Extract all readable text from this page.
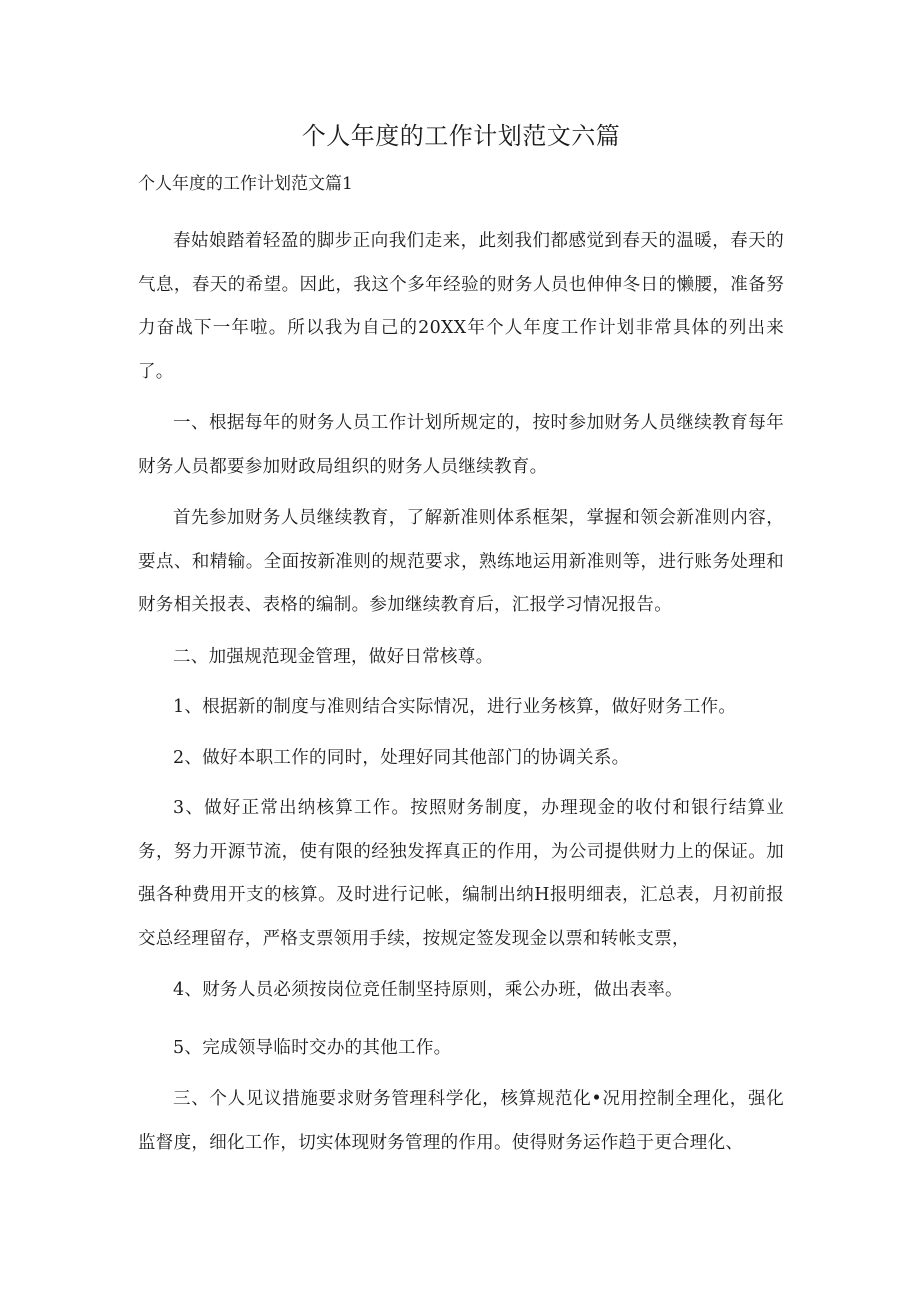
个人年度的工作计划范文六篇
个人年度的工作计划范文篇1

春姑娘踏着轻盈的脚步正向我们走来，此刻我们都感觉到春天的温暖，春天的气息，春天的希望。因此，我这个多年经验的财务人员也伸伸冬日的懒腰，准备努力奋战下一年啦。所以我为自己的20XX年个人年度工作计划非常具体的列出来了。

一、根据每年的财务人员工作计划所规定的，按时参加财务人员继续教育每年财务人员都要参加财政局组织的财务人员继续教育。

首先参加财务人员继续教育，了解新准则体系框架，掌握和领会新准则内容，要点、和精输。全面按新准则的规范要求，熟练地运用新准则等，进行账务处理和财务相关报表、表格的编制。参加继续教育后，汇报学习情况报告。

二、加强规范现金管理，做好日常核尊。

1、根据新的制度与准则结合实际情况，进行业务核算，做好财务工作。

2、做好本职工作的同时，处理好同其他部门的协调关系。

3、做好正常出纳核算工作。按照财务制度，办理现金的收付和银行结算业务，努力开源节流，使有限的经独发挥真正的作用，为公司提供财力上的保证。加强各种费用开支的核算。及时进行记帐，编制出纳H报明细表，汇总表，月初前报交总经理留存，严格支票领用手续，按规定签发现金以票和转帐支票，

4、财务人员必须按岗位竞任制坚持原则，乘公办班，做出表率。

5、完成领导临时交办的其他工作。

三、个人见议措施要求财务管理科学化，核算规范化•况用控制全理化，强化监督度，细化工作，切实体现财务管理的作用。使得财务运作趋于更合理化、
